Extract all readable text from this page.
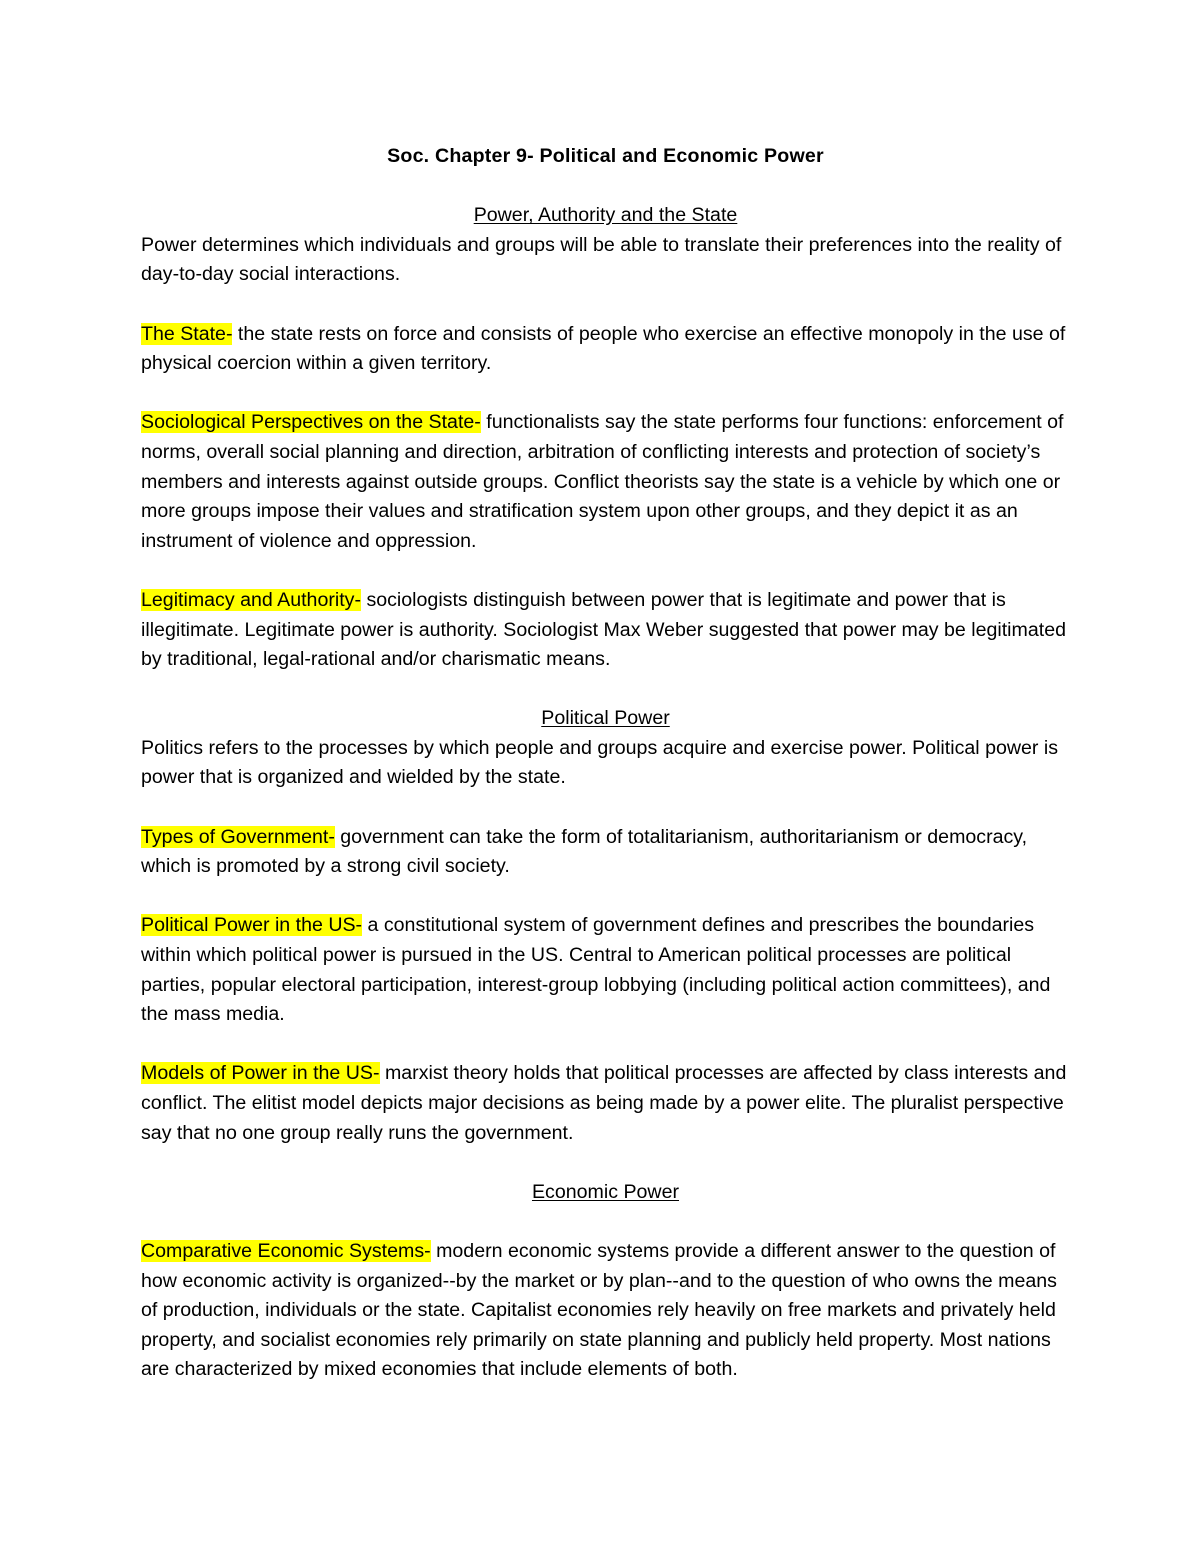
Soc. Chapter 9- Political and Economic Power

Power, Authority and the State

Power determines which individuals and groups will be able to translate their preferences into the reality of day-to-day social interactions.

The State- the state rests on force and consists of people who exercise an effective monopoly in the use of physical coercion within a given territory.

Sociological Perspectives on the State- functionalists say the state performs four functions: enforcement of norms, overall social planning and direction, arbitration of conflicting interests and protection of society’s members and interests against outside groups. Conflict theorists say the state is a vehicle by which one or more groups impose their values and stratification system upon other groups, and they depict it as an instrument of violence and oppression.

Legitimacy and Authority- sociologists distinguish between power that is legitimate and power that is illegitimate. Legitimate power is authority. Sociologist Max Weber suggested that power may be legitimated by traditional, legal-rational and/or charismatic means.

Political Power

Politics refers to the processes by which people and groups acquire and exercise power. Political power is power that is organized and wielded by the state.

Types of Government- government can take the form of totalitarianism, authoritarianism or democracy, which is promoted by a strong civil society.

Political Power in the US- a constitutional system of government defines and prescribes the boundaries within which political power is pursued in the US. Central to American political processes are political parties, popular electoral participation, interest-group lobbying (including political action committees), and the mass media.

Models of Power in the US- marxist theory holds that political processes are affected by class interests and conflict. The elitist model depicts major decisions as being made by a power elite. The pluralist perspective say that no one group really runs the government.

Economic Power

Comparative Economic Systems- modern economic systems provide a different answer to the question of how economic activity is organized--by the market or by plan--and to the question of who owns the means of production, individuals or the state. Capitalist economies rely heavily on free markets and privately held property, and socialist economies rely primarily on state planning and publicly held property. Most nations are characterized by mixed economies that include elements of both.
